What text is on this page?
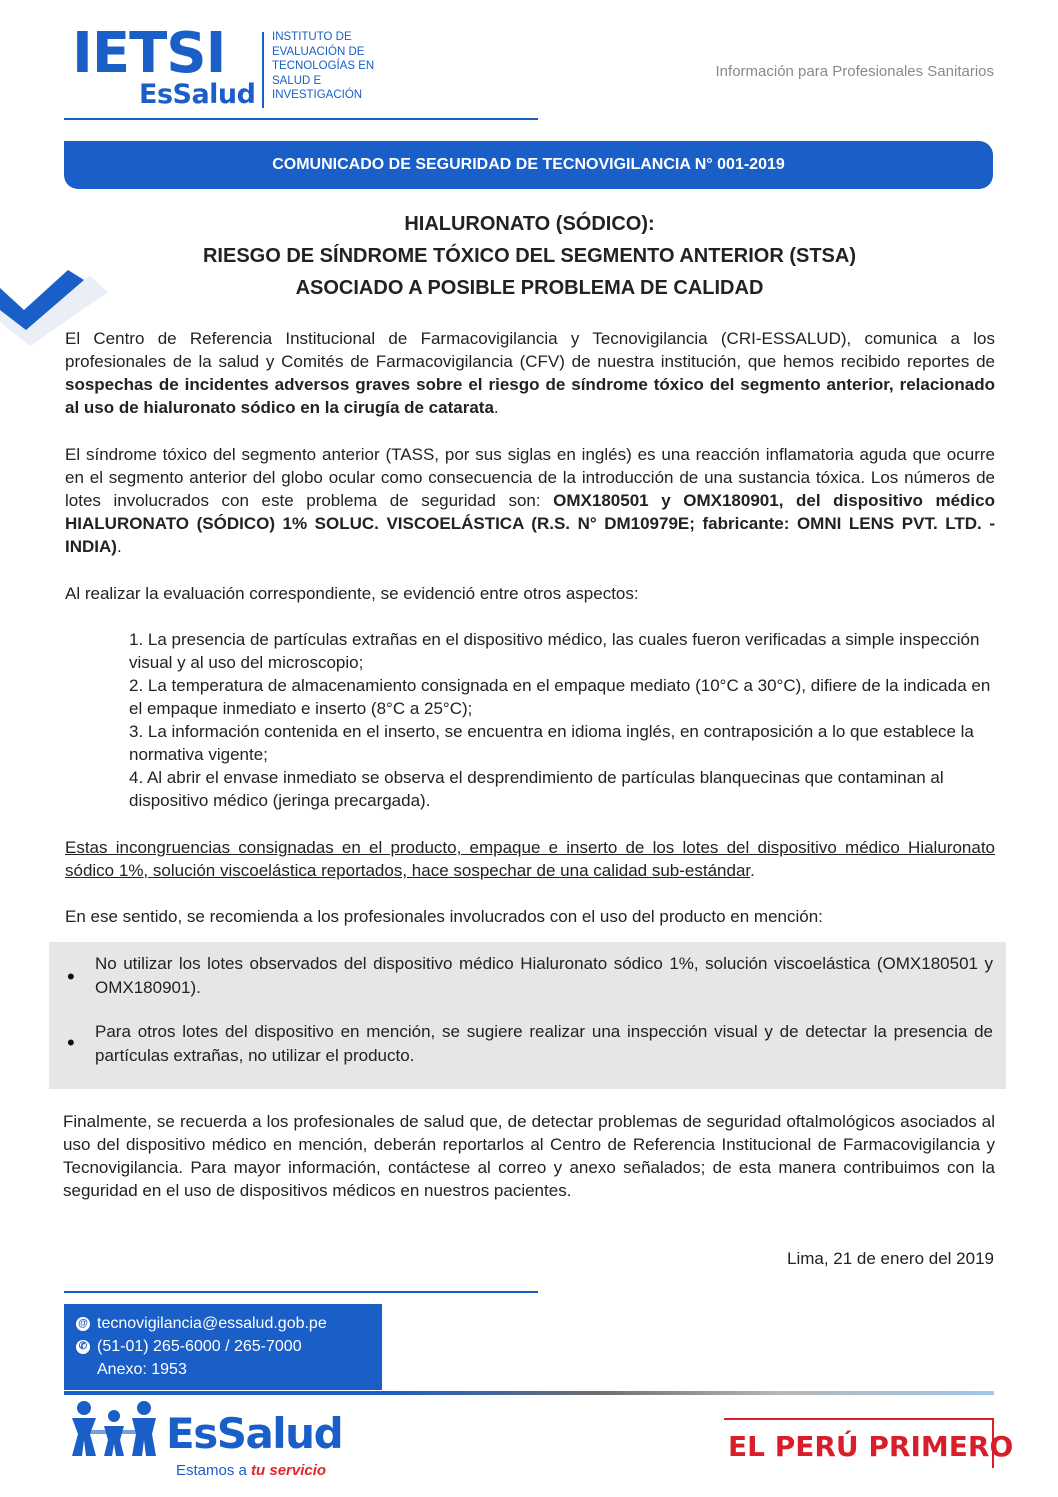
IETSI
EsSalud
INSTITUTO DE
EVALUACIÓN DE
TECNOLOGÍAS EN
SALUD E
INVESTIGACIÓN
Información para Profesionales Sanitarios
COMUNICADO DE SEGURIDAD DE TECNOVIGILANCIA N° 001-2019
HIALURONATO (SÓDICO):
RIESGO DE SÍNDROME TÓXICO DEL SEGMENTO ANTERIOR (STSA)
ASOCIADO A POSIBLE PROBLEMA DE CALIDAD
El Centro de Referencia Institucional de Farmacovigilancia y Tecnovigilancia (CRI-ESSALUD), comunica a los profesionales de la salud y Comités de Farmacovigilancia (CFV) de nuestra institución, que hemos recibido reportes de sospechas de incidentes adversos graves sobre el riesgo de síndrome tóxico del segmento anterior, relacionado al uso de hialuronato sódico en la cirugía de catarata.
El síndrome tóxico del segmento anterior (TASS, por sus siglas en inglés) es una reacción inflamatoria aguda que ocurre en el segmento anterior del globo ocular como consecuencia de la introducción de una sustancia tóxica. Los números de lotes involucrados con este problema de seguridad son: OMX180501 y OMX180901, del dispositivo médico HIALURONATO (SÓDICO) 1% SOLUC. VISCOELÁSTICA (R.S. N° DM10979E; fabricante: OMNI LENS PVT. LTD. - INDIA).
Al realizar la evaluación correspondiente, se evidenció entre otros aspectos:
1. La presencia de partículas extrañas en el dispositivo médico, las cuales fueron verificadas a simple inspección visual y al uso del microscopio;
2. La temperatura de almacenamiento consignada en el empaque mediato (10°C a 30°C), difiere de la indicada en el empaque inmediato e inserto (8°C a 25°C);
3. La información contenida en el inserto, se encuentra en idioma inglés, en contraposición a lo que establece la normativa vigente;
4. Al abrir el envase inmediato se observa el desprendimiento de partículas blanquecinas que contaminan al dispositivo médico (jeringa precargada).
Estas incongruencias consignadas en el producto, empaque e inserto de los lotes del dispositivo médico Hialuronato sódico 1%, solución viscoelástica reportados, hace sospechar de una calidad sub-estándar.
En ese sentido, se recomienda a los profesionales involucrados con el uso del producto en mención:
•
No utilizar los lotes observados del dispositivo médico Hialuronato sódico 1%, solución viscoelástica (OMX180501 y OMX180901).
• Para otros lotes del dispositivo en mención, se sugiere realizar una inspección visual y de detectar la presencia de partículas extrañas, no utilizar el producto.
Finalmente, se recuerda a los profesionales de salud que, de detectar problemas de seguridad oftalmológicos asociados al uso del dispositivo médico en mención, deberán reportarlos al Centro de Referencia Institucional de Farmacovigilancia y Tecnovigilancia. Para mayor información, contáctese al correo y anexo señalados; de esta manera contribuimos con la seguridad en el uso de dispositivos médicos en nuestros pacientes.
Lima, 21 de enero del 2019
@ tecnovigilancia@essalud.gob.pe
✆ (51-01) 265-6000 / 265-7000
Anexo: 1953
EsSalud
Estamos a tu servicio
EL PERÚ PRIMERO
